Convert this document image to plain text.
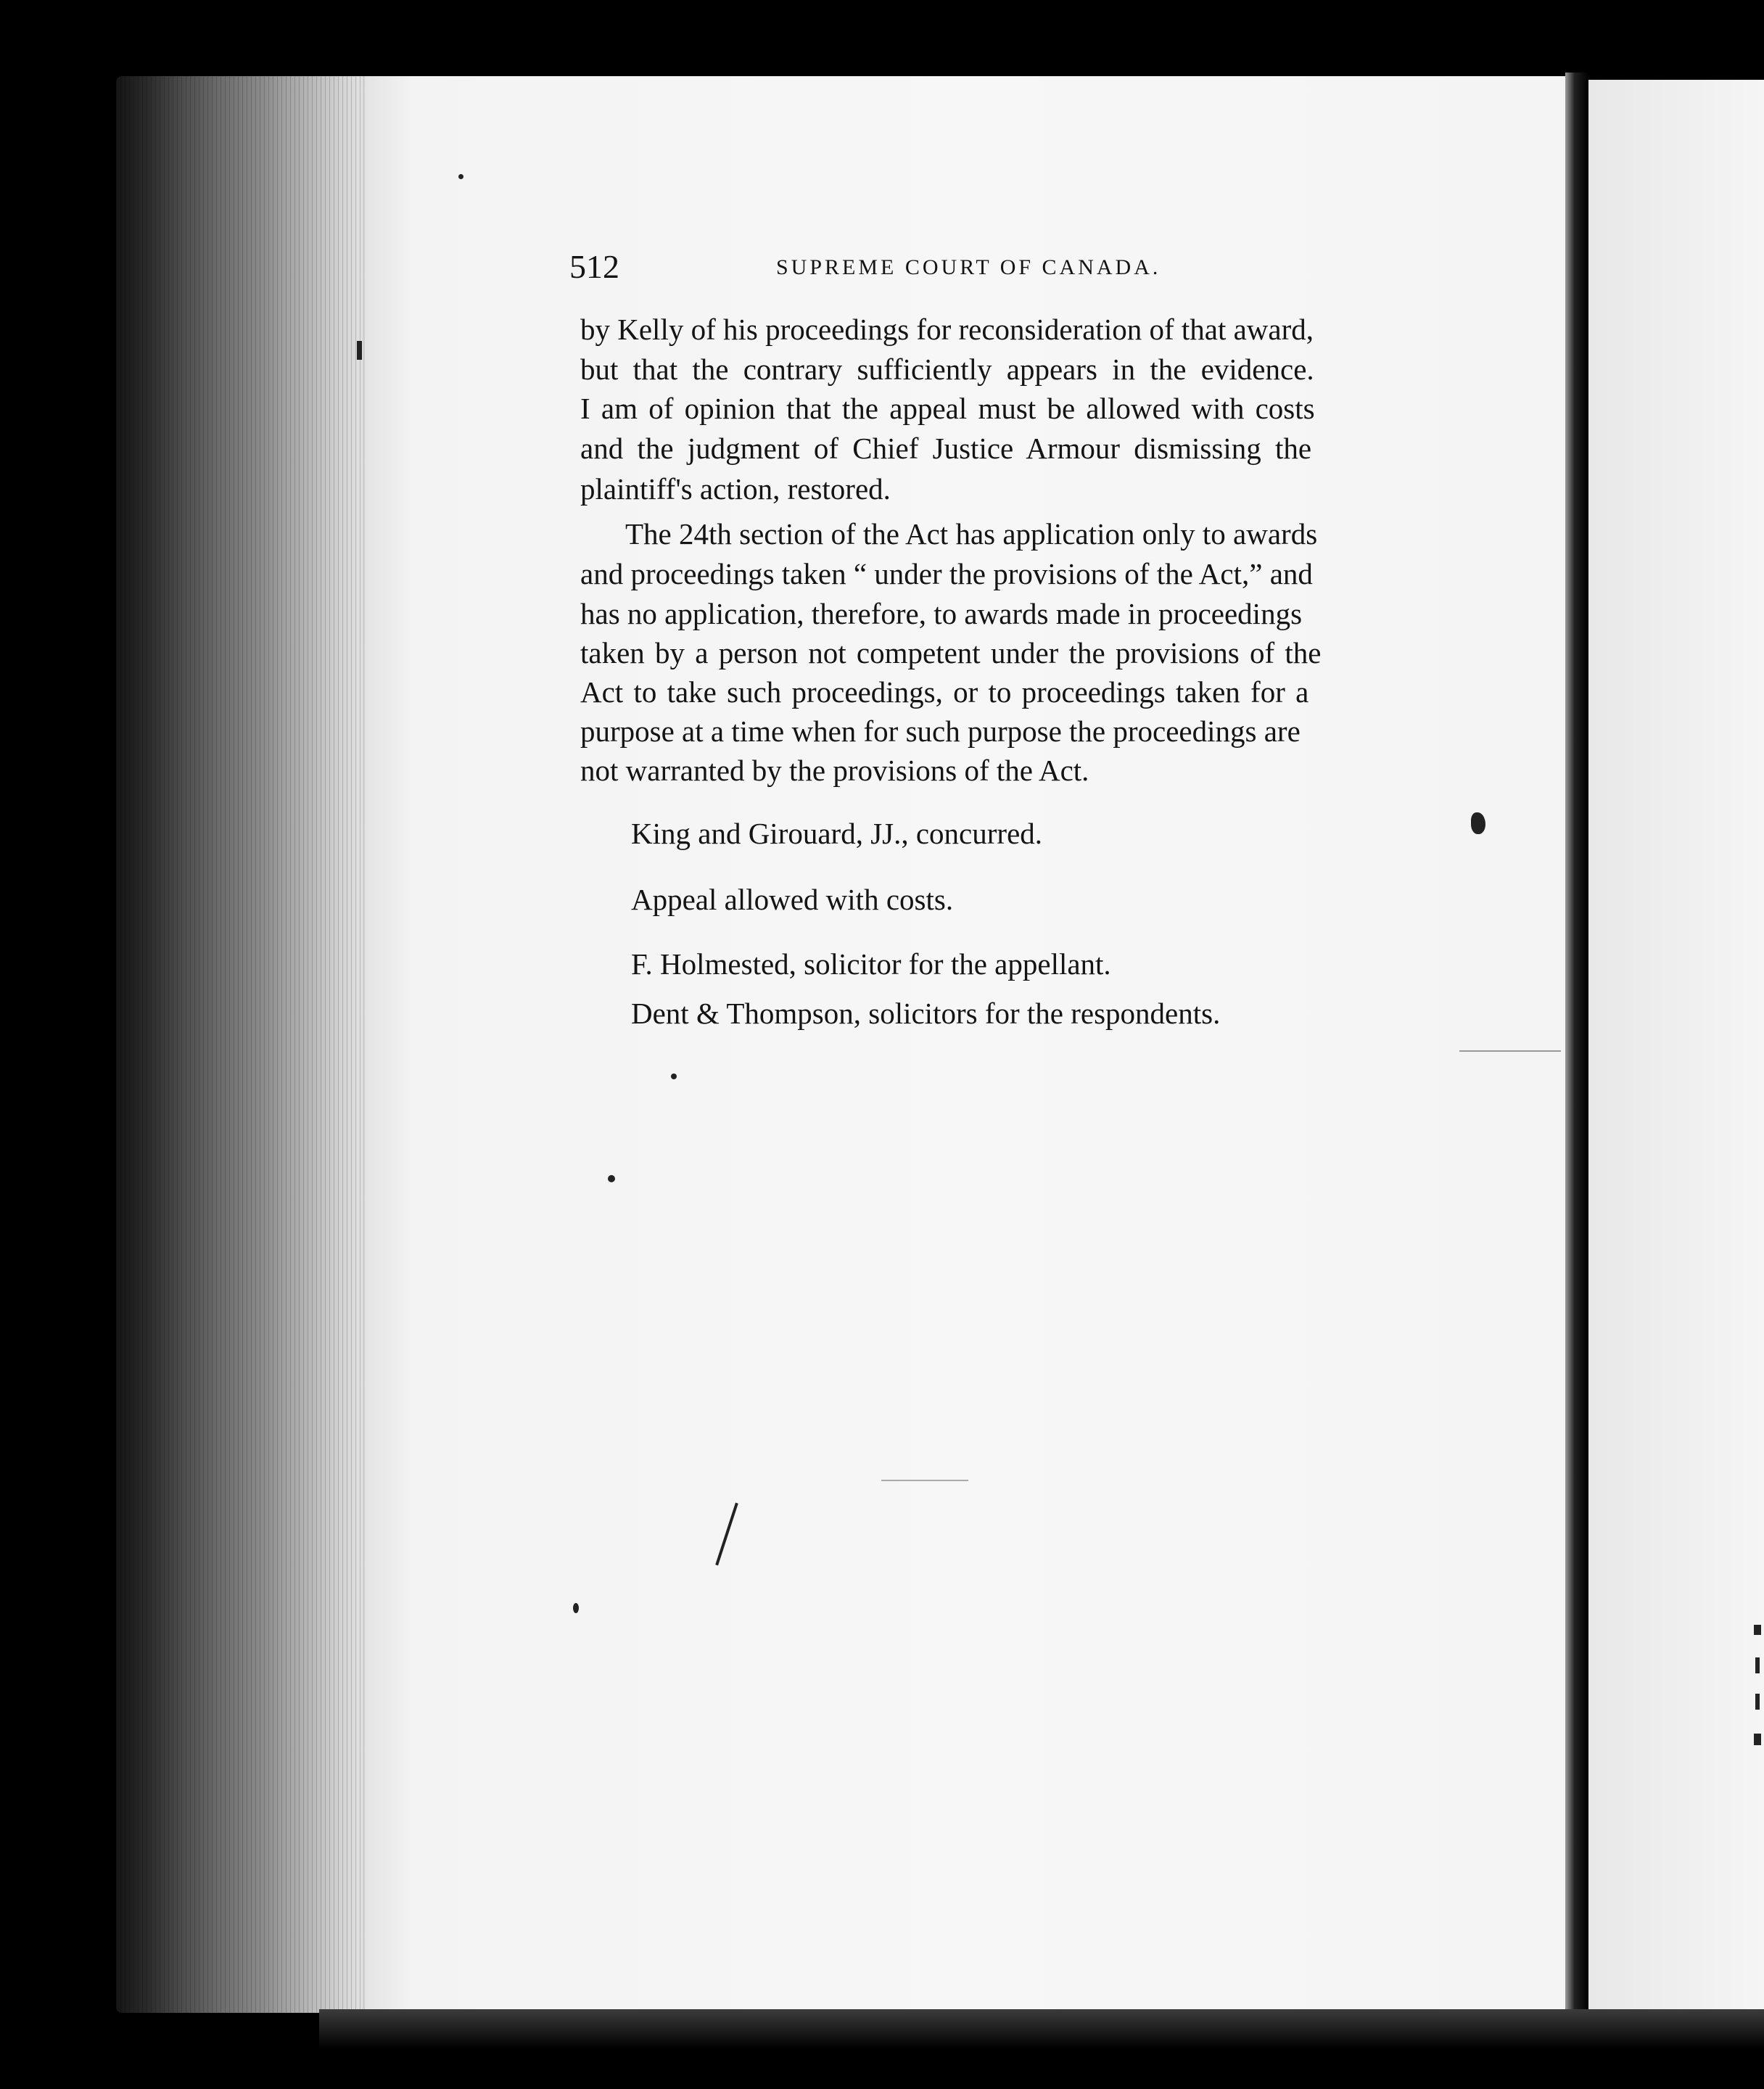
512	SUPREME COURT OF CANADA.
by Kelly of his proceedings for reconsideration of that award,
but that the contrary sufficiently appears in the evidence.
I am of opinion that the appeal must be allowed with costs
and the judgment of Chief Justice Armour dismissing the
plaintiff's action, restored.
The 24th section of the Act has application only to awards
and proceedings taken “ under the provisions of the Act,” and
has no application, therefore, to awards made in proceedings
taken by a person not competent under the provisions of the
Act to take such proceedings, or to proceedings taken for a
purpose at a time when for such purpose the proceedings are
not warranted by the provisions of the Act.
King and Girouard, JJ., concurred.
Appeal allowed with costs.
F. Holmested, solicitor for the appellant.
Dent & Thompson, solicitors for the respondents.
